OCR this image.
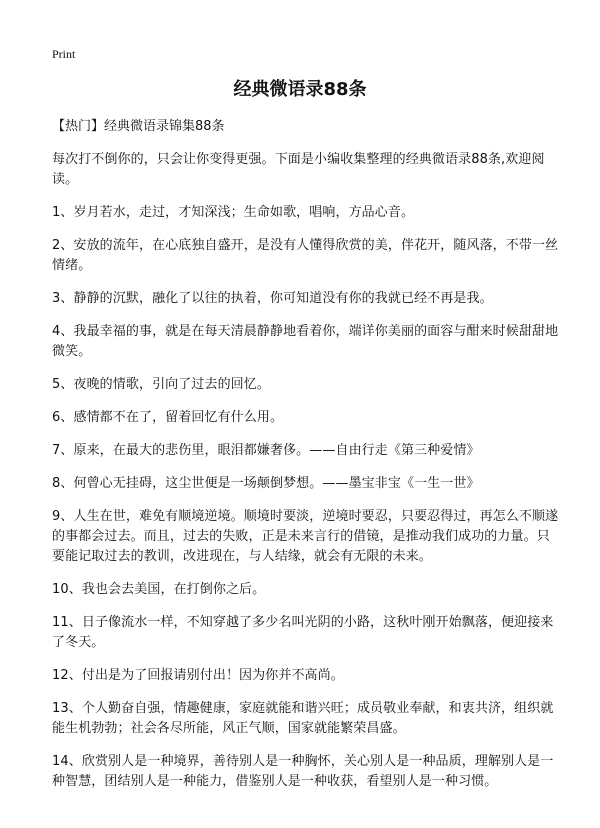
Print
经典微语录88条

【热门】经典微语录锦集88条

每次打不倒你的，只会让你变得更强。下面是小编收集整理的经典微语录88条,欢迎阅读。

1、岁月若水，走过，才知深浅；生命如歌，唱响，方品心音。

2、安放的流年，在心底独自盛开，是没有人懂得欣赏的美，伴花开，随风落，不带一丝情绪。

3、静静的沉默，融化了以往的执着，你可知道没有你的我就已经不再是我。

4、我最幸福的事，就是在每天清晨静静地看着你，端详你美丽的面容与酣来时候甜甜地微笑。

5、夜晚的情歌，引向了过去的回忆。

6、感情都不在了，留着回忆有什么用。

7、原来，在最大的悲伤里，眼泪都嫌奢侈。——自由行走《第三种爱情》

8、何曾心无挂碍，这尘世便是一场颠倒梦想。——墨宝非宝《一生一世》

9、人生在世，难免有顺境逆境。顺境时要淡，逆境时要忍，只要忍得过，再怎么不顺遂的事都会过去。而且，过去的失败，正是未来言行的借镜，是推动我们成功的力量。只要能记取过去的教训，改进现在，与人结缘，就会有无限的未来。

10、我也会去美国，在打倒你之后。

11、日子像流水一样，不知穿越了多少名叫光阴的小路，这秋叶刚开始飘落，便迎接来了冬天。

12、付出是为了回报请别付出！因为你并不高尚。

13、个人勤奋自强，情趣健康，家庭就能和谐兴旺；成员敬业奉献，和衷共济，组织就能生机勃勃；社会各尽所能，风正气顺，国家就能繁荣昌盛。

14、欣赏别人是一种境界，善待别人是一种胸怀，关心别人是一种品质，理解别人是一种智慧，团结别人是一种能力，借鉴别人是一种收获，看望别人是一种习惯。
